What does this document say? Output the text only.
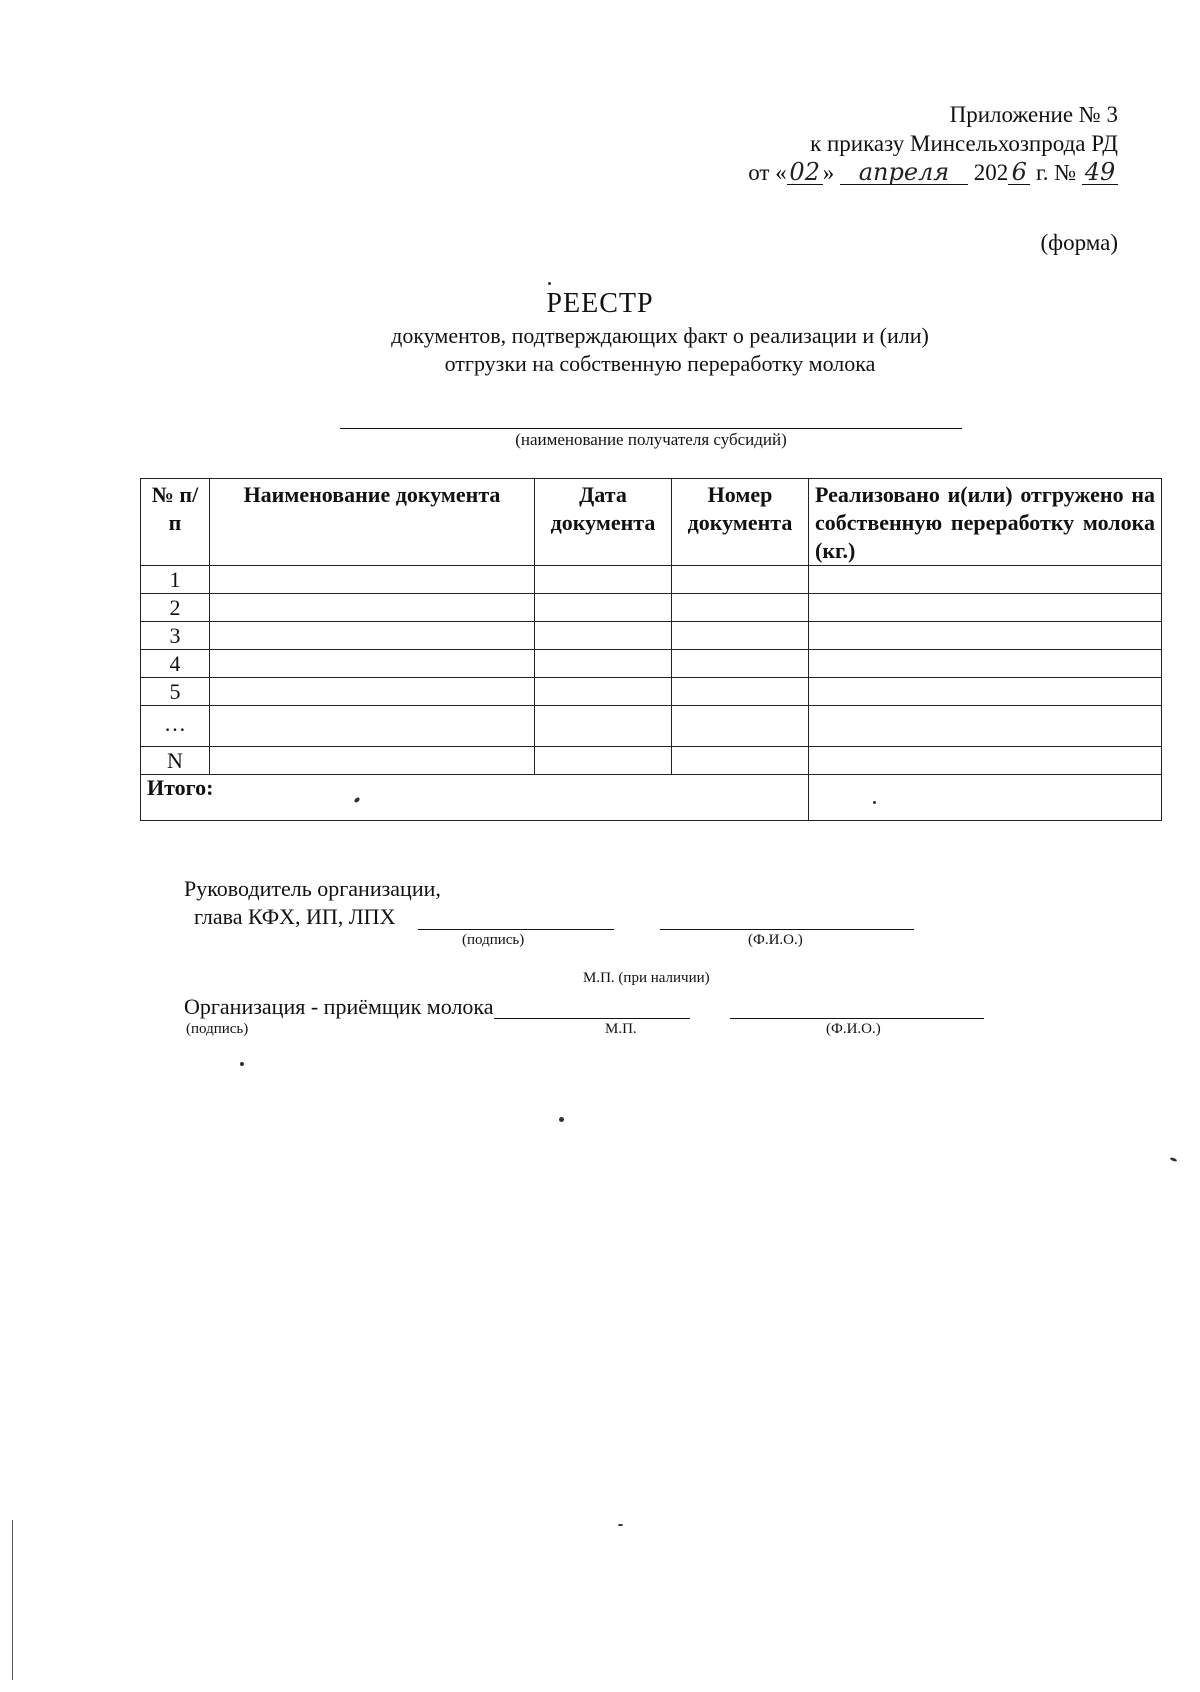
Приложение № 3
к приказу Минсельхозпрода РД
от « 02 » апреля 202 6 г. № 49
(форма)
РЕЕСТР
документов, подтверждающих факт о реализации и (или)
отгрузки на собственную переработку молока
(наименование получателя субсидий)
№ п/п	Наименование документа	Дата документа	Номер документа	Реализовано и(или) отгружено на собственную переработку молока (кг.)
1				
2				
3				
4				
5				
…				
N				
Итого:				
Руководитель организации,
глава КФХ, ИП, ЛПХ
(подпись)	(Ф.И.О.)
М.П. (при наличии)
Организация - приёмщик молока
(подпись)	М.П.	(Ф.И.О.)
